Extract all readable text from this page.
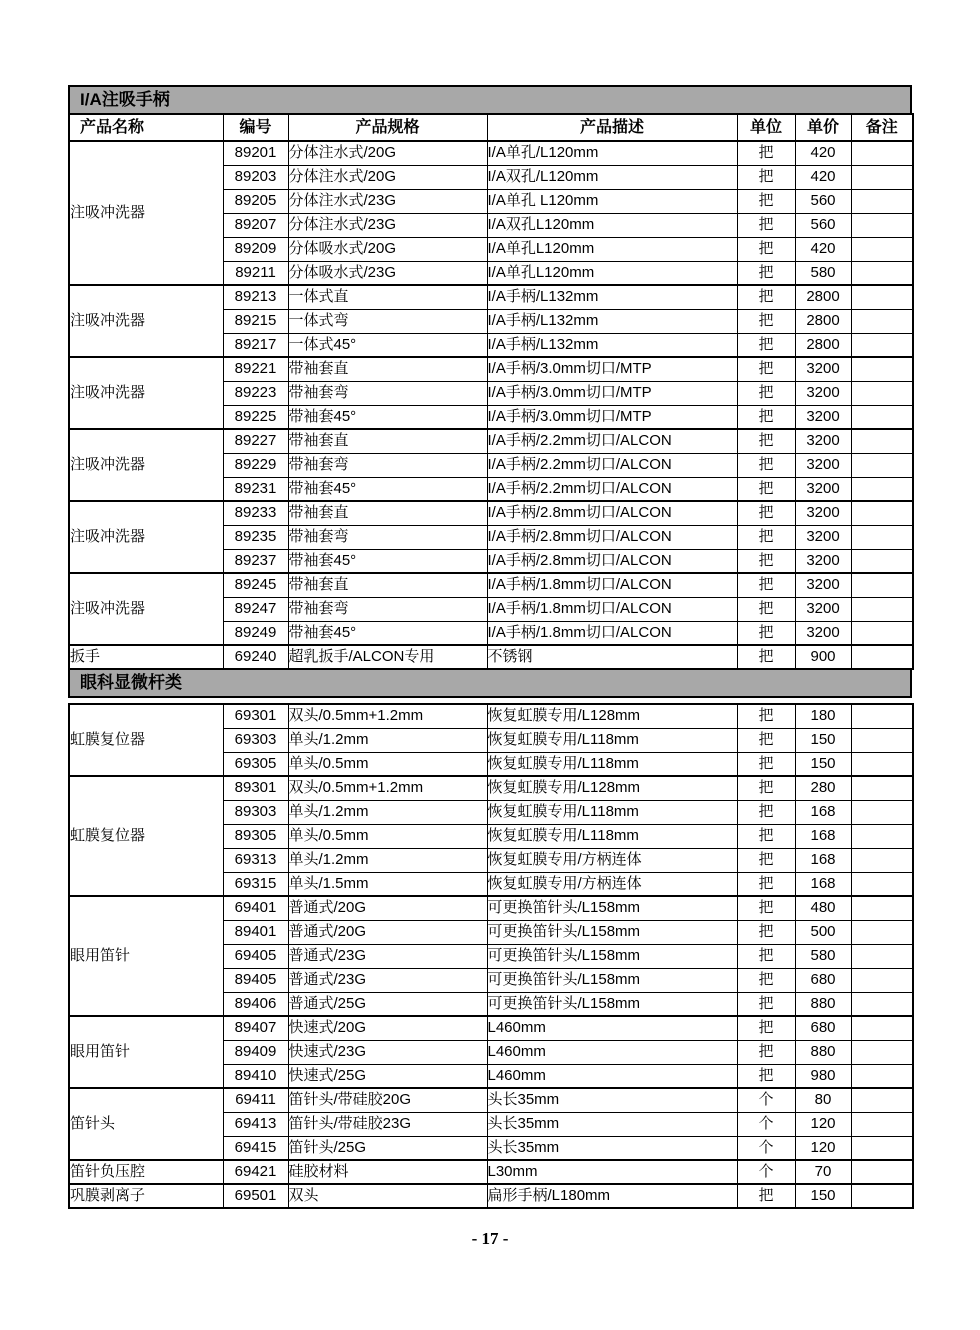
I/A注吸手柄
产品名称	编号	产品规格	产品描述	单位	单价	备注
注吸冲洗器	89201	分体注水式/20G	I/A单孔/L120mm	把	420	
	89203	分体注水式/20G	I/A双孔/L120mm	把	420	
	89205	分体注水式/23G	I/A单孔 L120mm	把	560	
	89207	分体注水式/23G	I/A双孔L120mm	把	560	
	89209	分体吸水式/20G	I/A单孔L120mm	把	420	
	89211	分体吸水式/23G	I/A单孔L120mm	把	580	
注吸冲洗器	89213	一体式直	I/A手柄/L132mm	把	2800	
	89215	一体式弯	I/A手柄/L132mm	把	2800	
	89217	一体式45°	I/A手柄/L132mm	把	2800	
注吸冲洗器	89221	带袖套直	I/A手柄/3.0mm切口/MTP	把	3200	
	89223	带袖套弯	I/A手柄/3.0mm切口/MTP	把	3200	
	89225	带袖套45°	I/A手柄/3.0mm切口/MTP	把	3200	
注吸冲洗器	89227	带袖套直	I/A手柄/2.2mm切口/ALCON	把	3200	
	89229	带袖套弯	I/A手柄/2.2mm切口/ALCON	把	3200	
	89231	带袖套45°	I/A手柄/2.2mm切口/ALCON	把	3200	
注吸冲洗器	89233	带袖套直	I/A手柄/2.8mm切口/ALCON	把	3200	
	89235	带袖套弯	I/A手柄/2.8mm切口/ALCON	把	3200	
	89237	带袖套45°	I/A手柄/2.8mm切口/ALCON	把	3200	
注吸冲洗器	89245	带袖套直	I/A手柄/1.8mm切口/ALCON	把	3200	
	89247	带袖套弯	I/A手柄/1.8mm切口/ALCON	把	3200	
	89249	带袖套45°	I/A手柄/1.8mm切口/ALCON	把	3200	
扳手	69240	超乳扳手/ALCON专用	不锈钢	把	900	
眼科显微杆类
虹膜复位器	69301	双头/0.5mm+1.2mm	恢复虹膜专用/L128mm	把	180	
	69303	单头/1.2mm	恢复虹膜专用/L118mm	把	150	
	69305	单头/0.5mm	恢复虹膜专用/L118mm	把	150	
虹膜复位器	89301	双头/0.5mm+1.2mm	恢复虹膜专用/L128mm	把	280	
	89303	单头/1.2mm	恢复虹膜专用/L118mm	把	168	
	89305	单头/0.5mm	恢复虹膜专用/L118mm	把	168	
	69313	单头/1.2mm	恢复虹膜专用/方柄连体	把	168	
	69315	单头/1.5mm	恢复虹膜专用/方柄连体	把	168	
眼用笛针	69401	普通式/20G	可更换笛针头/L158mm	把	480	
	89401	普通式/20G	可更换笛针头/L158mm	把	500	
	69405	普通式/23G	可更换笛针头/L158mm	把	580	
	89405	普通式/23G	可更换笛针头/L158mm	把	680	
	89406	普通式/25G	可更换笛针头/L158mm	把	880	
眼用笛针	89407	快速式/20G	L460mm	把	680	
	89409	快速式/23G	L460mm	把	880	
	89410	快速式/25G	L460mm	把	980	
笛针头	69411	笛针头/带硅胶20G	头长35mm	个	80	
	69413	笛针头/带硅胶23G	头长35mm	个	120	
	69415	笛针头/25G	头长35mm	个	120	
笛针负压腔	69421	硅胶材料	L30mm	个	70	
巩膜剥离子	69501	双头	扁形手柄/L180mm	把	150	
- 17 -
